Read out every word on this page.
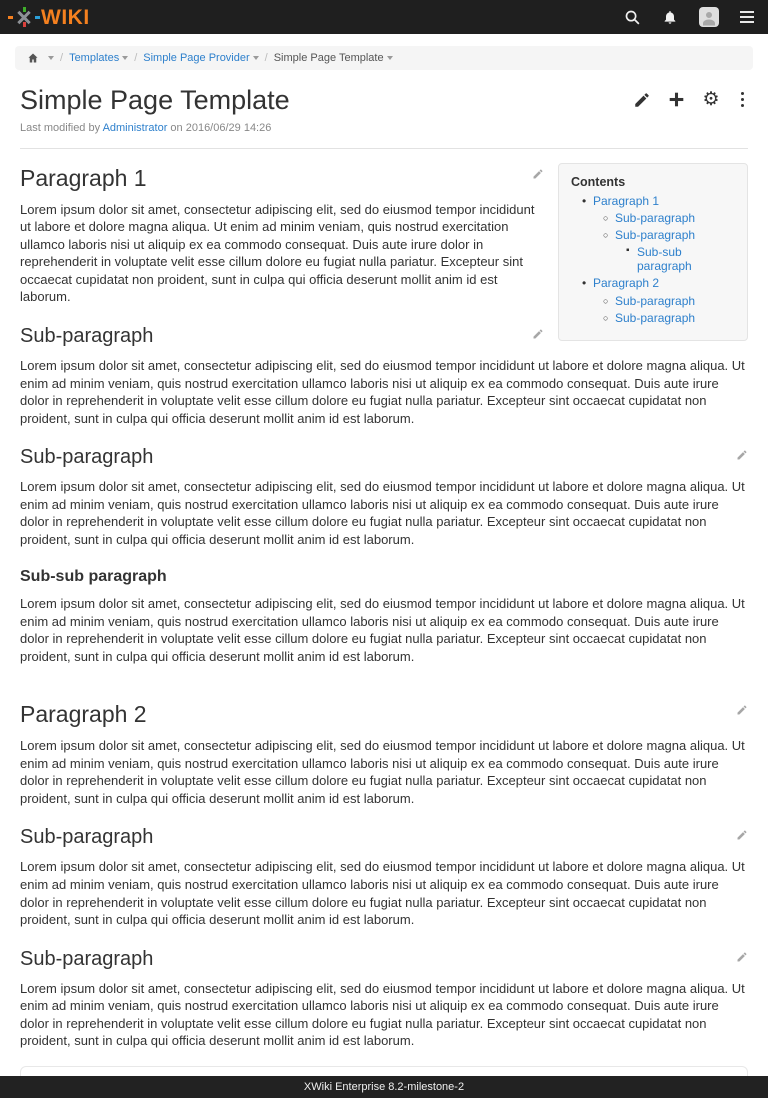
WIKI
/ Templates	/ Simple Page Provider	/ Simple Page Template
Simple Page Template	⚙
Last modified by Administrator on 2016/06/29 14:26
Contents
• Paragraph 1
○ Sub-paragraph
○ Sub-paragraph
▪ Sub-sub paragraph
• Paragraph 2
○ Sub-paragraph
○ Sub-paragraph
Paragraph 1

Lorem ipsum dolor sit amet, consectetur adipiscing elit, sed do eiusmod tempor incididunt ut labore et dolore magna aliqua. Ut enim ad minim veniam, quis nostrud exercitation ullamco laboris nisi ut aliquip ex ea commodo consequat. Duis aute irure dolor in reprehenderit in voluptate velit esse cillum dolore eu fugiat nulla pariatur. Excepteur sint occaecat cupidatat non proident, sunt in culpa qui officia deserunt mollit anim id est laborum.

Sub-paragraph

Lorem ipsum dolor sit amet, consectetur adipiscing elit, sed do eiusmod tempor incididunt ut labore et dolore magna aliqua. Ut enim ad minim veniam, quis nostrud exercitation ullamco laboris nisi ut aliquip ex ea commodo consequat. Duis aute irure dolor in reprehenderit in voluptate velit esse cillum dolore eu fugiat nulla pariatur. Excepteur sint occaecat cupidatat non proident, sunt in culpa qui officia deserunt mollit anim id est laborum.

Sub-paragraph

Lorem ipsum dolor sit amet, consectetur adipiscing elit, sed do eiusmod tempor incididunt ut labore et dolore magna aliqua. Ut enim ad minim veniam, quis nostrud exercitation ullamco laboris nisi ut aliquip ex ea commodo consequat. Duis aute irure dolor in reprehenderit in voluptate velit esse cillum dolore eu fugiat nulla pariatur. Excepteur sint occaecat cupidatat non proident, sunt in culpa qui officia deserunt mollit anim id est laborum.

Sub-sub paragraph

Lorem ipsum dolor sit amet, consectetur adipiscing elit, sed do eiusmod tempor incididunt ut labore et dolore magna aliqua. Ut enim ad minim veniam, quis nostrud exercitation ullamco laboris nisi ut aliquip ex ea commodo consequat. Duis aute irure dolor in reprehenderit in voluptate velit esse cillum dolore eu fugiat nulla pariatur. Excepteur sint occaecat cupidatat non proident, sunt in culpa qui officia deserunt mollit anim id est laborum.

Paragraph 2

Lorem ipsum dolor sit amet, consectetur adipiscing elit, sed do eiusmod tempor incididunt ut labore et dolore magna aliqua. Ut enim ad minim veniam, quis nostrud exercitation ullamco laboris nisi ut aliquip ex ea commodo consequat. Duis aute irure dolor in reprehenderit in voluptate velit esse cillum dolore eu fugiat nulla pariatur. Excepteur sint occaecat cupidatat non proident, sunt in culpa qui officia deserunt mollit anim id est laborum.

Sub-paragraph

Lorem ipsum dolor sit amet, consectetur adipiscing elit, sed do eiusmod tempor incididunt ut labore et dolore magna aliqua. Ut enim ad minim veniam, quis nostrud exercitation ullamco laboris nisi ut aliquip ex ea commodo consequat. Duis aute irure dolor in reprehenderit in voluptate velit esse cillum dolore eu fugiat nulla pariatur. Excepteur sint occaecat cupidatat non proident, sunt in culpa qui officia deserunt mollit anim id est laborum.

Sub-paragraph

Lorem ipsum dolor sit amet, consectetur adipiscing elit, sed do eiusmod tempor incididunt ut labore et dolore magna aliqua. Ut enim ad minim veniam, quis nostrud exercitation ullamco laboris nisi ut aliquip ex ea commodo consequat. Duis aute irure dolor in reprehenderit in voluptate velit esse cillum dolore eu fugiat nulla pariatur. Excepteur sint occaecat cupidatat non proident, sunt in culpa qui officia deserunt mollit anim id est laborum.

XWiki Enterprise 8.2-milestone-2
